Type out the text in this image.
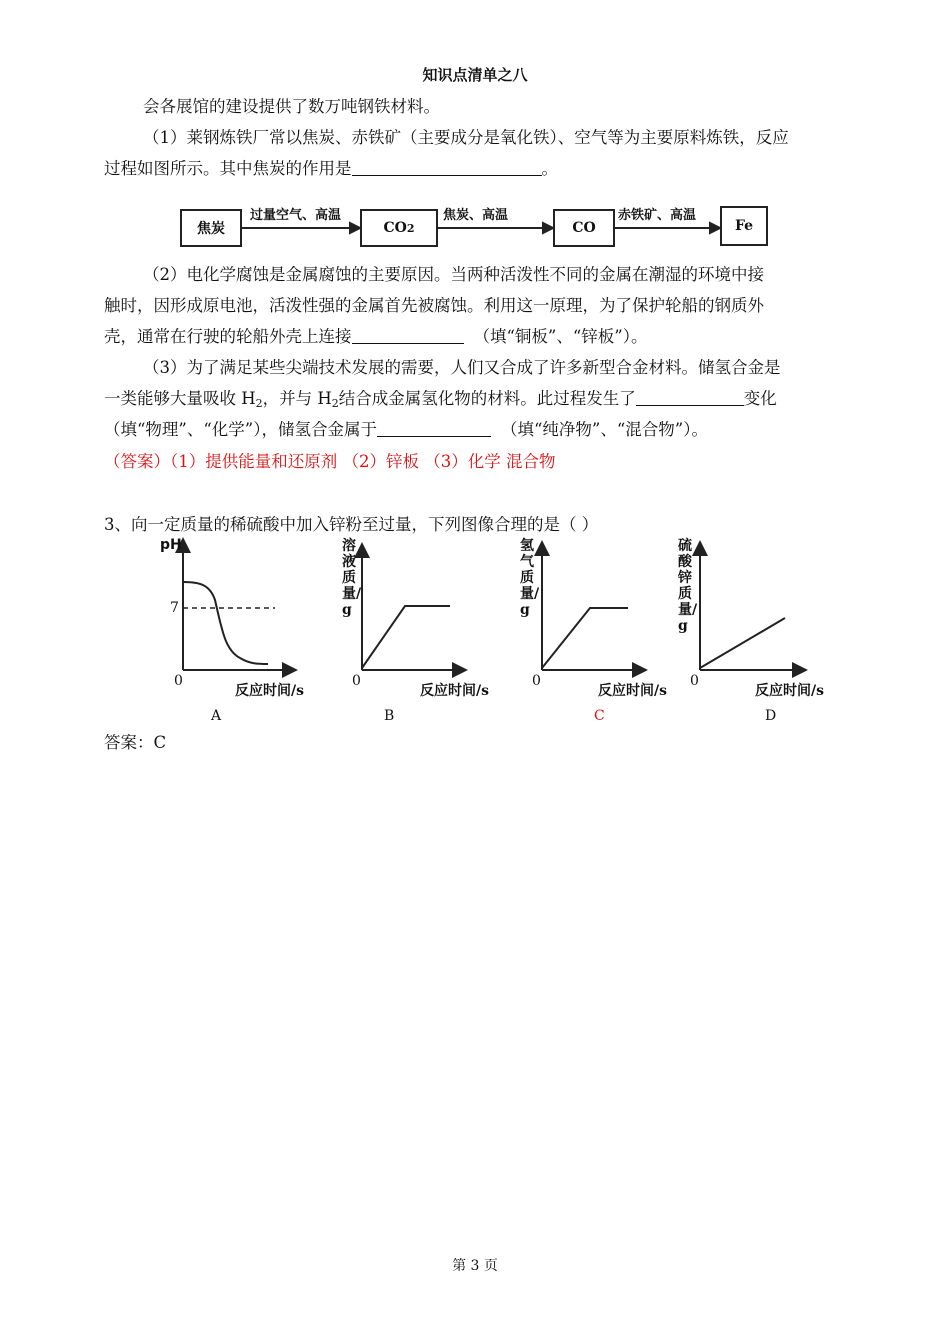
知识点清单之八
会各展馆的建设提供了数万吨钢铁材料。
（1）莱钢炼铁厂常以焦炭、赤铁矿（主要成分是氧化铁）、空气等为主要原料炼铁，反应
过程如图所示。其中焦炭的作用是	。
焦炭
过量空气、高温
CO 2
焦炭、高温
CO
赤铁矿、高温
Fe
（2）电化学腐蚀是金属腐蚀的主要原因。当两种活泼性不同的金属在潮湿的环境中接
触时，因形成原电池，活泼性强的金属首先被腐蚀。利用这一原理，为了保护轮船的钢质外
壳，通常在行驶的轮船外壳上连接	（填“铜板”、“锌板”）。
（3）为了满足某些尖端技术发展的需要，人们又合成了许多新型合金材料。储氢合金是
一类能够大量吸收 $H_2$，并与 $H_2$结合成金属氢化物的材料。此过程发生了	变化
（填“物理”、“化学”），储氢合金属于	（填“纯净物”、“混合物”）。
（答案）（1）提供能量和还原剂 （2）锌板 （3）化学 混合物
3、向一定质量的稀硫酸中加入锌粉至过量，下列图像合理的是（ ）
pH
7
0
反应时间/s
A
溶液质量/g
0
反应时间/s
B
氢气质量/g
0
反应时间/s
C
硫酸锌质量/g
0
反应时间/s
D
答案：C
第 3 页
